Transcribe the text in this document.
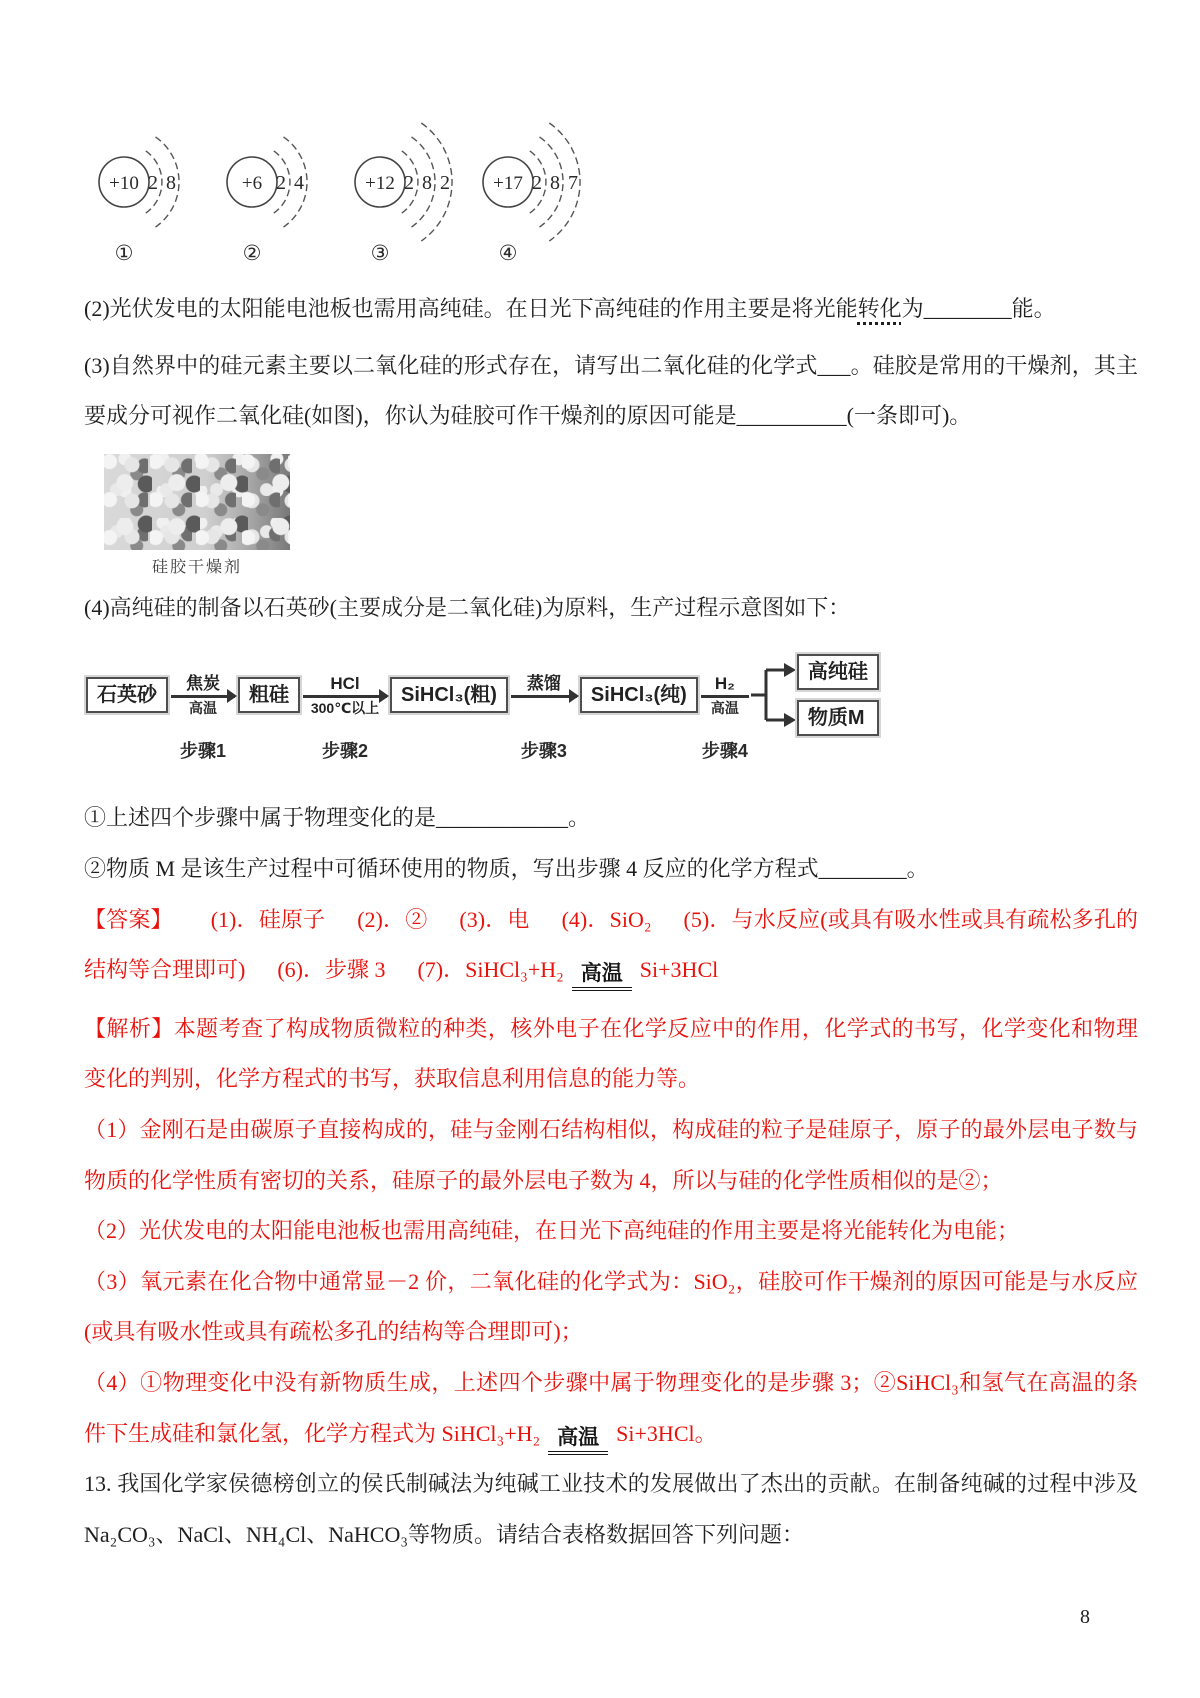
+10 2 8
①
+6 2 4
②
+12 2 8 2
③
+17 2 8 7
④

(2)光伏发电的太阳能电池板也需用高纯硅。在日光下高纯硅的作用主要是将光能转化为________能。

(3)自然界中的硅元素主要以二氧化硅的形式存在，请写出二氧化硅的化学式___。硅胶是常用的干燥剂，其主要成分可视作二氧化硅(如图)，你认为硅胶可作干燥剂的原因可能是__________(一条即可)。

硅胶干燥剂

(4)高纯硅的制备以石英砂(主要成分是二氧化硅)为原料，生产过程示意图如下：

石英砂
焦炭
高温
步骤1
粗硅
HCl
300℃以上
步骤2
SiHCl₃(粗)
蒸馏
步骤3
SiHCl₃(纯)
H₂
高温
步骤4
高纯硅
物质M

①上述四个步骤中属于物理变化的是____________。

②物质 M 是该生产过程中可循环使用的物质，写出步骤 4 反应的化学方程式________。

【答案】 (1)．硅原子 (2)．② (3)．电 (4)．SiO₂ (5)．与水反应(或具有吸水性或具有疏松多孔的结构等合理即可) (6)．步骤 3 (7)．SiHCl₃+H₂ 高温 Si+3HCl

【解析】本题考查了构成物质微粒的种类，核外电子在化学反应中的作用，化学式的书写，化学变化和物理变化的判别，化学方程式的书写，获取信息利用信息的能力等。

（1）金刚石是由碳原子直接构成的，硅与金刚石结构相似，构成硅的粒子是硅原子，原子的最外层电子数与物质的化学性质有密切的关系，硅原子的最外层电子数为 4，所以与硅的化学性质相似的是②；

（2）光伏发电的太阳能电池板也需用高纯硅，在日光下高纯硅的作用主要是将光能转化为电能；

（3）氧元素在化合物中通常显－2 价，二氧化硅的化学式为：SiO₂，硅胶可作干燥剂的原因可能是与水反应(或具有吸水性或具有疏松多孔的结构等合理即可)；

（4）①物理变化中没有新物质生成，上述四个步骤中属于物理变化的是步骤 3；②SiHCl₃和氢气在高温的条件下生成硅和氯化氢，化学方程式为 SiHCl₃+H₂ 高温 Si+3HCl。

13. 我国化学家侯德榜创立的侯氏制碱法为纯碱工业技术的发展做出了杰出的贡献。在制备纯碱的过程中涉及 Na₂CO₃、NaCl、NH₄Cl、NaHCO₃等物质。请结合表格数据回答下列问题：

8
